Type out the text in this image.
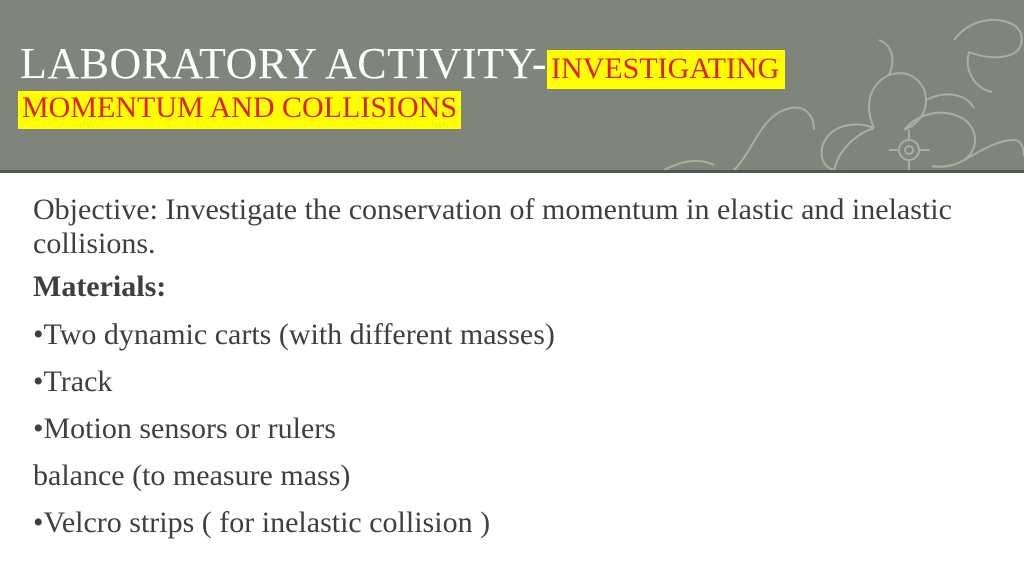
LABORATORY ACTIVITY- INVESTIGATING
MOMENTUM AND COLLISIONS

Objective: Investigate the conservation of momentum in elastic and inelastic collisions.

Materials:

•Two dynamic carts (with different masses)

•Track

•Motion sensors or rulers

balance (to measure mass)

•Velcro strips ( for inelastic collision )
